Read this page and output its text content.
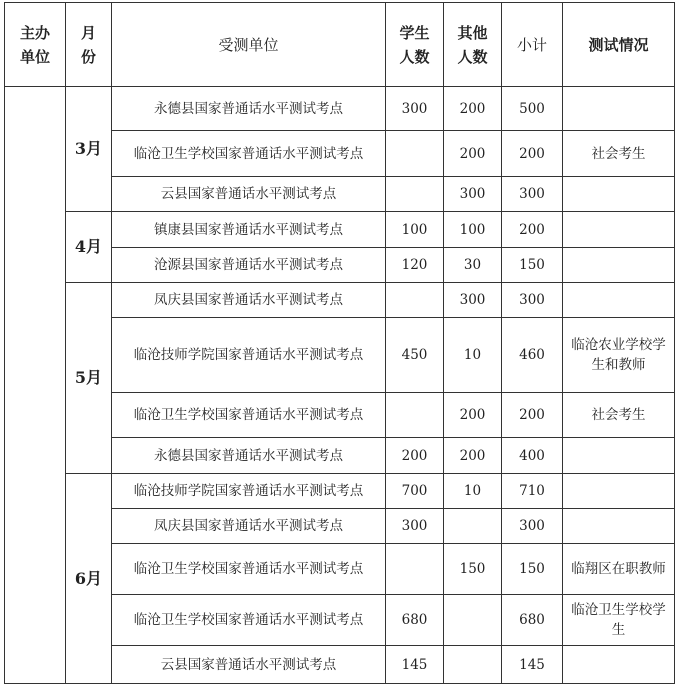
主办单位	月份	受测单位	学生人数	其他人数	小计	测试情况
	3月	永德县国家普通话水平测试考点	300	200	500	
		临沧卫生学校国家普通话水平测试考点		200	200	社会考生
		云县国家普通话水平测试考点		300	300	
	4月	镇康县国家普通话水平测试考点	100	100	200	
		沧源县国家普通话水平测试考点	120	30	150	
	5月	凤庆县国家普通话水平测试考点		300	300	
		临沧技师学院国家普通话水平测试考点	450	10	460	临沧农业学校学生和教师
		临沧卫生学校国家普通话水平测试考点		200	200	社会考生
		永德县国家普通话水平测试考点	200	200	400	
	6月	临沧技师学院国家普通话水平测试考点	700	10	710	
		凤庆县国家普通话水平测试考点	300		300	
		临沧卫生学校国家普通话水平测试考点		150	150	临翔区在职教师
		临沧卫生学校国家普通话水平测试考点	680		680	临沧卫生学校学生
		云县国家普通话水平测试考点	145		145	
